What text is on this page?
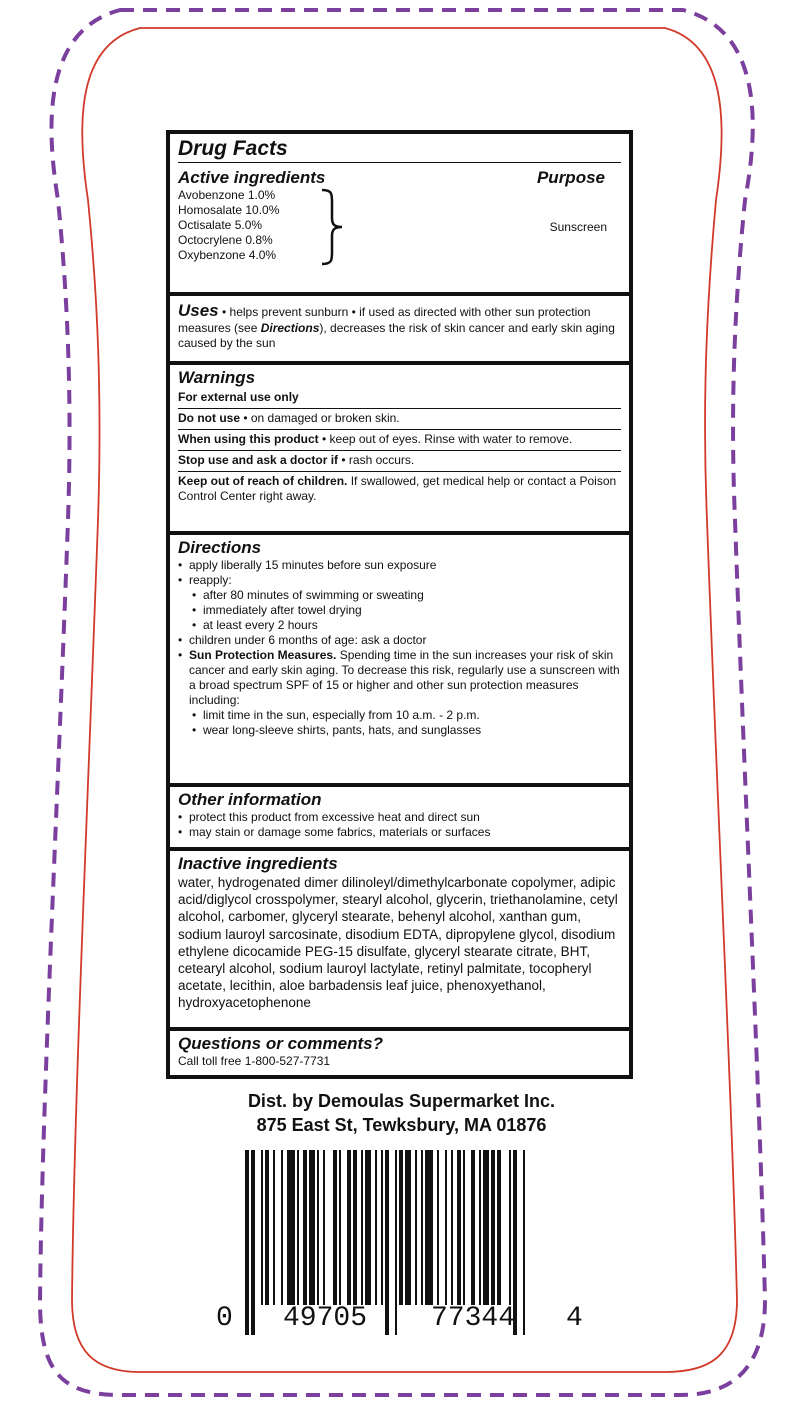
Drug Facts
Active ingredients	Purpose
Avobenzone 1.0%
Homosalate 10.0%
Octisalate 5.0%
Octocrylene 0.8%
Oxybenzone 4.0%
Sunscreen
Uses • helps prevent sunburn • if used as directed with other sun protection measures (see Directions), decreases the risk of skin cancer and early skin aging caused by the sun
Warnings
For external use only
Do not use • on damaged or broken skin.
When using this product • keep out of eyes. Rinse with water to remove.
Stop use and ask a doctor if • rash occurs.
Keep out of reach of children. If swallowed, get medical help or contact a Poison Control Center right away.
Directions
• apply liberally 15 minutes before sun exposure
• reapply:
• after 80 minutes of swimming or sweating
• immediately after towel drying
• at least every 2 hours
• children under 6 months of age: ask a doctor
• Sun Protection Measures. Spending time in the sun increases your risk of skin cancer and early skin aging. To decrease this risk, regularly use a sunscreen with a broad spectrum SPF of 15 or higher and other sun protection measures including:
• limit time in the sun, especially from 10 a.m. - 2 p.m.
• wear long-sleeve shirts, pants, hats, and sunglasses
Other information
• protect this product from excessive heat and direct sun
• may stain or damage some fabrics, materials or surfaces
Inactive ingredients
water, hydrogenated dimer dilinoleyl/dimethylcarbonate copolymer, adipic acid/diglycol crosspolymer, stearyl alcohol, glycerin, triethanolamine, cetyl alcohol, carbomer, glyceryl stearate, behenyl alcohol, xanthan gum, sodium lauroyl sarcosinate, disodium EDTA, dipropylene glycol, disodium ethylene dicocamide PEG-15 disulfate, glyceryl stearate citrate, BHT, cetearyl alcohol, sodium lauroyl lactylate, retinyl palmitate, tocopheryl acetate, lecithin, aloe barbadensis leaf juice, phenoxyethanol, hydroxyacetophenone
Questions or comments?
Call toll free 1-800-527-7731
Dist. by Demoulas Supermarket Inc.
875 East St, Tewksbury, MA 01876
0 49705 77344 4
